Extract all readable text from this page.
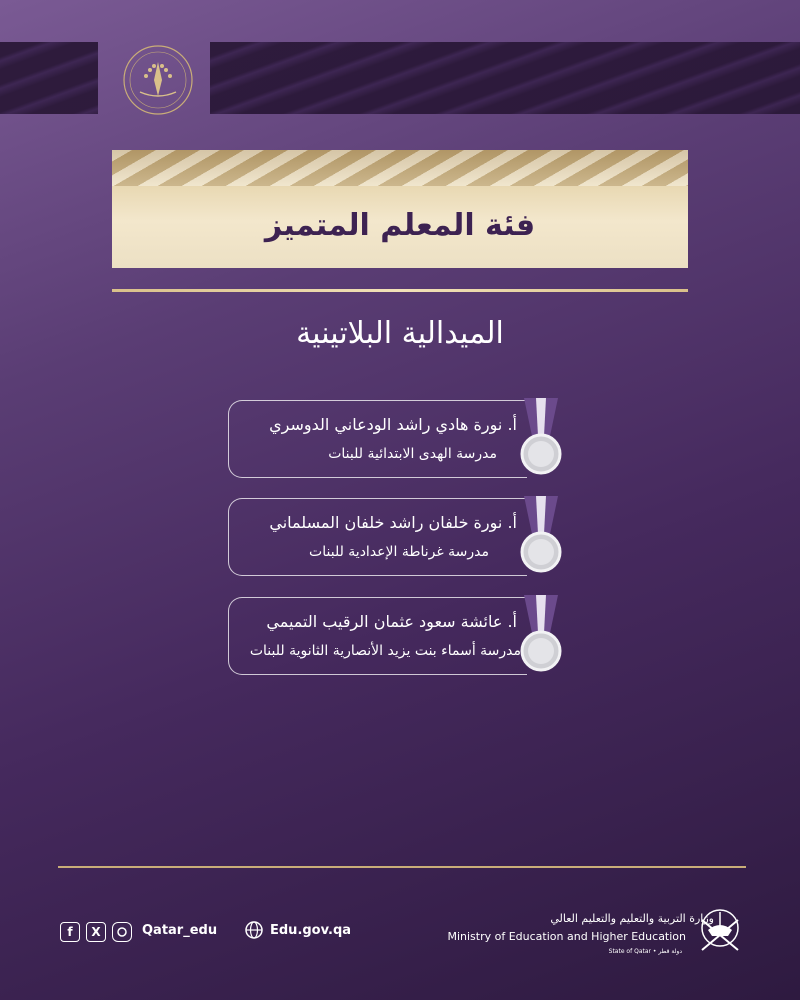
فئة المعلم المتميز
الميدالية البلاتينية
أ. نورة هادي راشد الودعاني الدوسري
مدرسة الهدى الابتدائية للبنات
أ. نورة خلفان راشد خلفان المسلماني
مدرسة غرناطة الإعدادية للبنات
أ. عائشة سعود عثمان الرقيب التميمي
مدرسة أسماء بنت يزيد الأنصارية الثانوية للبنات
f	X	Qatar_edu	Edu.gov.qa
وزارة التربية والتعليم والتعليم العالي
Ministry of Education and Higher Education
State of Qatar • دولة قطر
